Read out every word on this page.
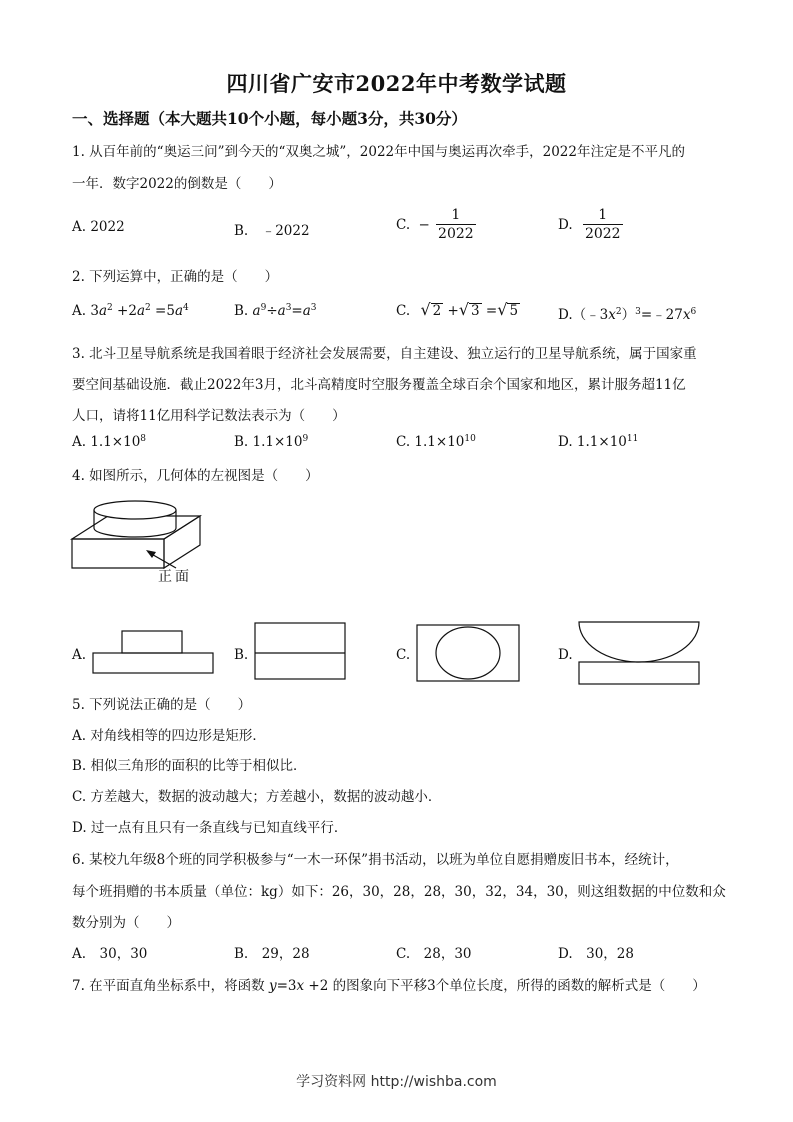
四川省广安市2022年中考数学试题
一、选择题（本大题共10个小题，每小题3分，共30分）
1. 从百年前的“奥运三问”到今天的“双奥之城”，2022年中国与奥运再次牵手，2022年注定是不平凡的
一年．数字2022的倒数是（　　）
A. 2022	B.　﹣2022	C. − $\frac{1}{2022}$	D. $\frac{1}{2022}$
2. 下列运算中，正确的是（　　）
A. $3a^2 +2a^2 =5a^4$	B. $a^9\div a^3=a^3$	C. √ 2 +√ 3 =√ 5	$D.(﹣3x^2)^3=﹣27x^6$
3. 北斗卫星导航系统是我国着眼于经济社会发展需要，自主建设、独立运行的卫星导航系统，属于国家重
要空间基础设施．截止2022年3月，北斗高精度时空服务覆盖全球百余个国家和地区，累计服务超11亿
人口，请将11亿用科学记数法表示为（　　）
A. $1.1\times 10^8$	B. $1.1\times 10^9$	C. $1.1\times 10^{10}$	D. $1.1\times 10^{11}$
4. 如图所示，几何体的左视图是（　　）
正面
A.	B.	C.	D.
5. 下列说法正确的是（　　）
A. 对角线相等的四边形是矩形．
B. 相似三角形的面积的比等于相似比．
C. 方差越大，数据的波动越大；方差越小，数据的波动越小．
D. 过一点有且只有一条直线与已知直线平行．
6. 某校九年级8个班的同学积极参与“一木一环保”捐书活动，以班为单位自愿捐赠废旧书本，经统计，
每个班捐赠的书本质量（单位：kg）如下：26，30，28，28，30，32，34，30，则这组数据的中位数和众
数分别为（　　）
A.　30，30	B.　29，28	C.　28，30	D.　30，28
7. 在平面直角坐标系中，将函数 y=3x +2 的图象向下平移3个单位长度，所得的函数的解析式是（　　）
学习资料网 http://wishba.com
